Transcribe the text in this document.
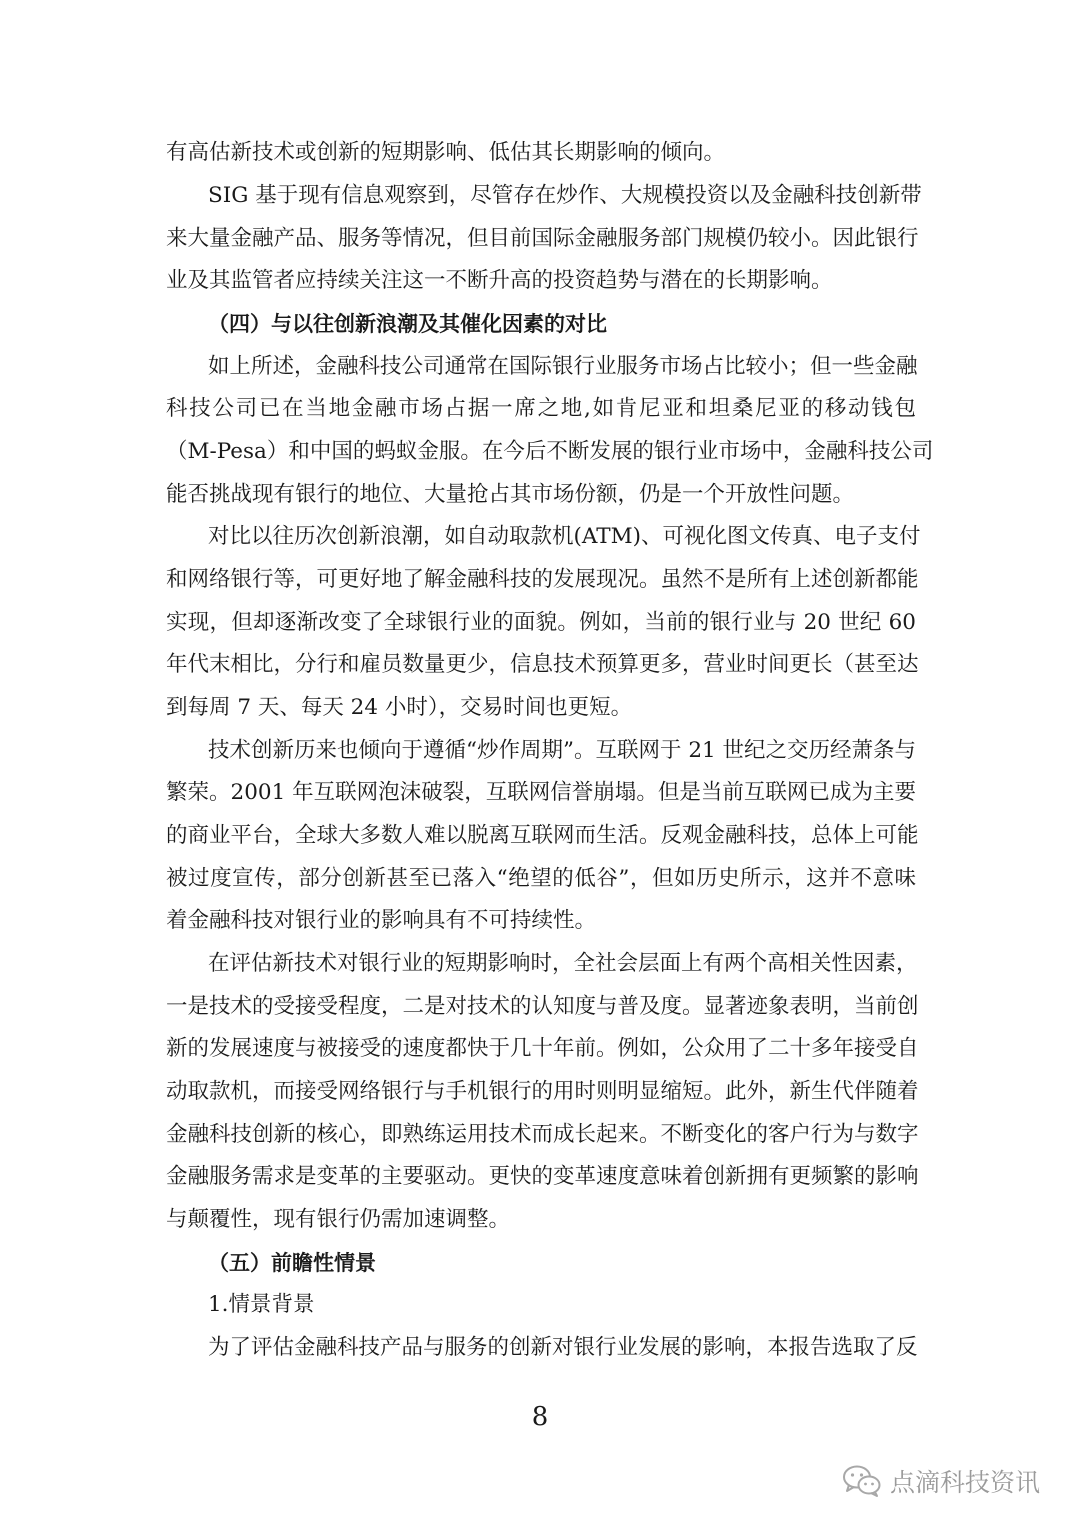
有高估新技术或创新的短期影响、低估其长期影响的倾向。
SIG 基于现有信息观察到，尽管存在炒作、大规模投资以及金融科技创新带
来大量金融产品、服务等情况，但目前国际金融服务部门规模仍较小。因此银行
业及其监管者应持续关注这一不断升高的投资趋势与潜在的长期影响。
（四）与以往创新浪潮及其催化因素的对比
如上所述，金融科技公司通常在国际银行业服务市场占比较小；但一些金融
科技公司已在当地金融市场占据一席之地,如肯尼亚和坦桑尼亚的移动钱包
（M-Pesa）和中国的蚂蚁金服。在今后不断发展的银行业市场中，金融科技公司
能否挑战现有银行的地位、大量抢占其市场份额，仍是一个开放性问题。
对比以往历次创新浪潮，如自动取款机(ATM)、可视化图文传真、电子支付
和网络银行等，可更好地了解金融科技的发展现况。虽然不是所有上述创新都能
实现，但却逐渐改变了全球银行业的面貌。例如，当前的银行业与 20 世纪 60
年代末相比，分行和雇员数量更少，信息技术预算更多，营业时间更长（甚至达
到每周 7 天、每天 24 小时），交易时间也更短。
技术创新历来也倾向于遵循“炒作周期”。互联网于 21 世纪之交历经萧条与
繁荣。2001 年互联网泡沫破裂，互联网信誉崩塌。但是当前互联网已成为主要
的商业平台，全球大多数人难以脱离互联网而生活。反观金融科技，总体上可能
被过度宣传，部分创新甚至已落入“绝望的低谷”，但如历史所示，这并不意味
着金融科技对银行业的影响具有不可持续性。
在评估新技术对银行业的短期影响时，全社会层面上有两个高相关性因素，
一是技术的受接受程度，二是对技术的认知度与普及度。显著迹象表明，当前创
新的发展速度与被接受的速度都快于几十年前。例如，公众用了二十多年接受自
动取款机，而接受网络银行与手机银行的用时则明显缩短。此外，新生代伴随着
金融科技创新的核心，即熟练运用技术而成长起来。不断变化的客户行为与数字
金融服务需求是变革的主要驱动。更快的变革速度意味着创新拥有更频繁的影响
与颠覆性，现有银行仍需加速调整。
（五）前瞻性情景
1.情景背景
为了评估金融科技产品与服务的创新对银行业发展的影响，本报告选取了反
8
点滴科技资讯
